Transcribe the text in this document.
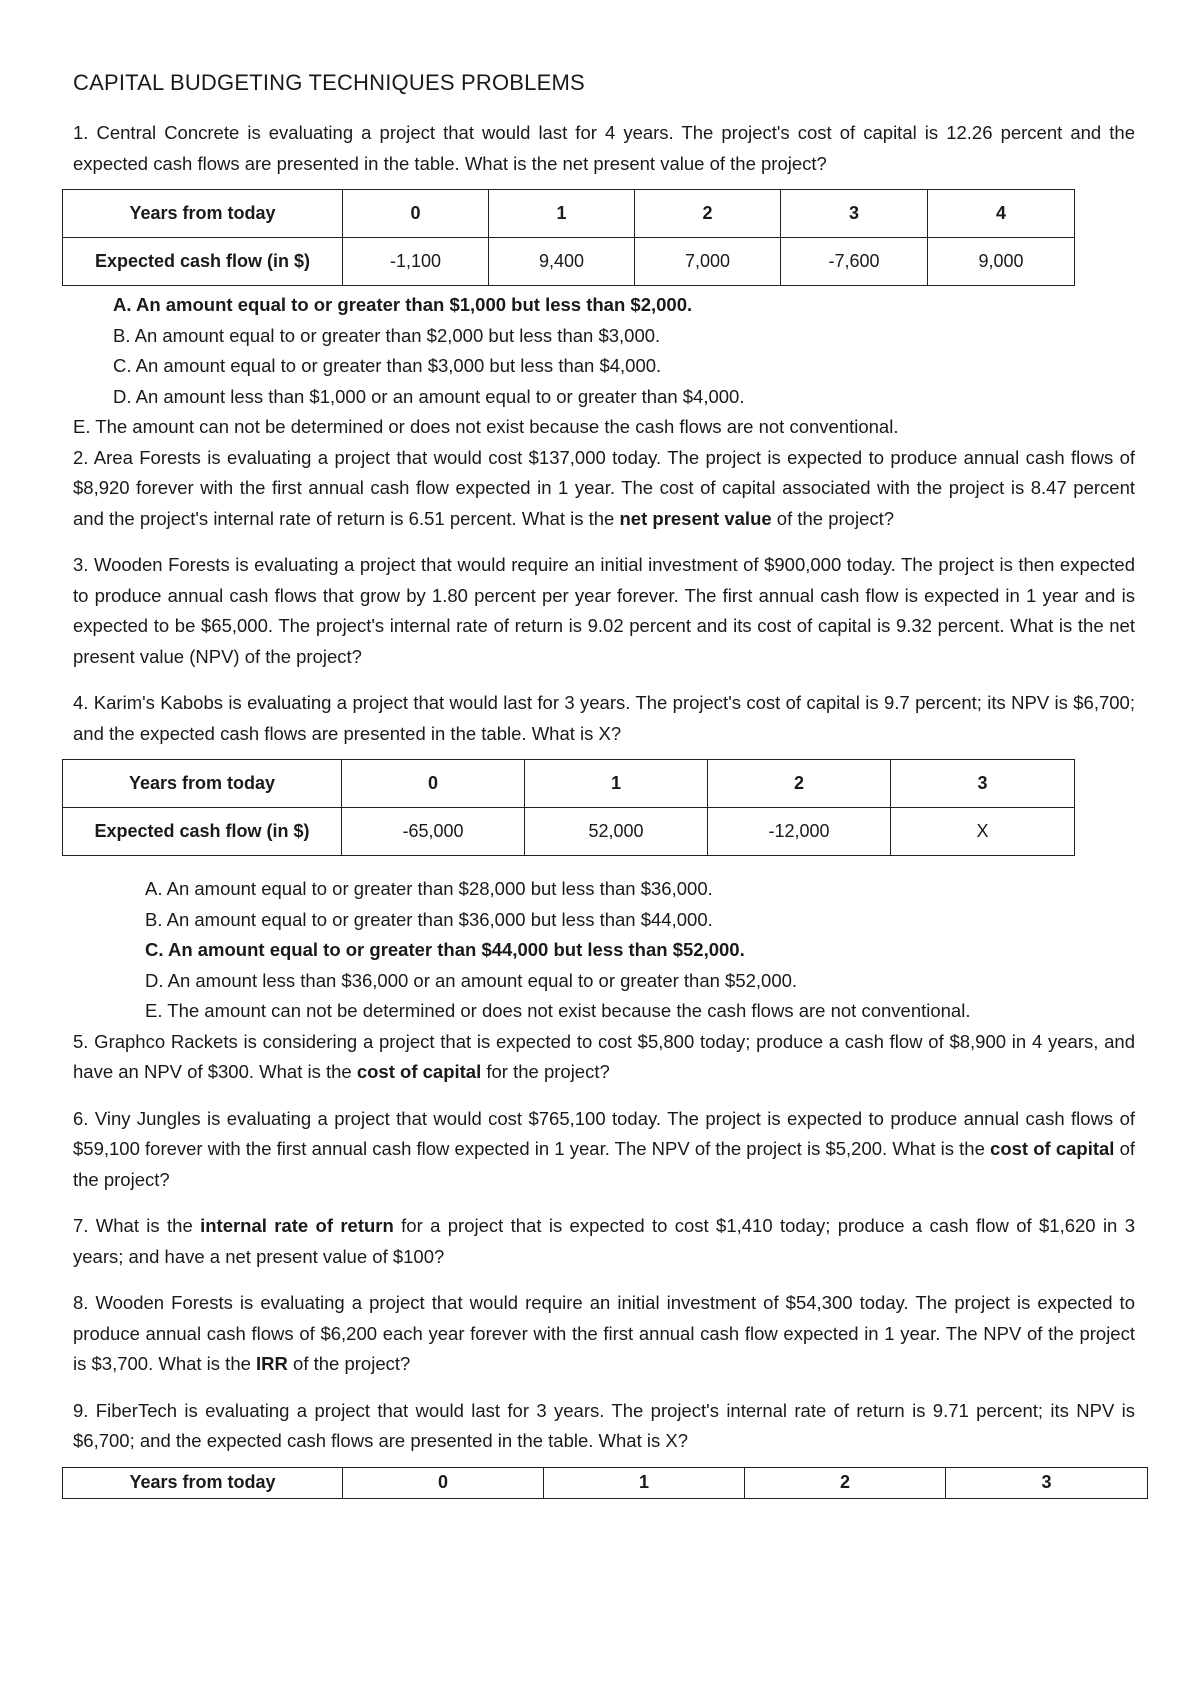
CAPITAL BUDGETING TECHNIQUES PROBLEMS

1. Central Concrete is evaluating a project that would last for 4 years. The project's cost of capital is 12.26 percent and the expected cash flows are presented in the table. What is the net present value of the project?

Years from today	0	1	2	3	4
Expected cash flow (in $)	-1,100	9,400	7,000	-7,600	9,000
A. An amount equal to or greater than $1,000 but less than $2,000.
B. An amount equal to or greater than $2,000 but less than $3,000.
C. An amount equal to or greater than $3,000 but less than $4,000.
D. An amount less than $1,000 or an amount equal to or greater than $4,000.
E. The amount can not be determined or does not exist because the cash flows are not conventional.

2. Area Forests is evaluating a project that would cost $137,000 today. The project is expected to produce annual cash flows of $8,920 forever with the first annual cash flow expected in 1 year. The cost of capital associated with the project is 8.47 percent and the project's internal rate of return is 6.51 percent. What is the net present value of the project?

3. Wooden Forests is evaluating a project that would require an initial investment of $900,000 today. The project is then expected to produce annual cash flows that grow by 1.80 percent per year forever. The first annual cash flow is expected in 1 year and is expected to be $65,000. The project's internal rate of return is 9.02 percent and its cost of capital is 9.32 percent. What is the net present value (NPV) of the project?

4. Karim's Kabobs is evaluating a project that would last for 3 years. The project's cost of capital is 9.7 percent; its NPV is $6,700; and the expected cash flows are presented in the table. What is X?

Years from today	0	1	2	3
Expected cash flow (in $)	-65,000	52,000	-12,000	X
A. An amount equal to or greater than $28,000 but less than $36,000.
B. An amount equal to or greater than $36,000 but less than $44,000.
C. An amount equal to or greater than $44,000 but less than $52,000.
D. An amount less than $36,000 or an amount equal to or greater than $52,000.
E. The amount can not be determined or does not exist because the cash flows are not conventional.

5. Graphco Rackets is considering a project that is expected to cost $5,800 today; produce a cash flow of $8,900 in 4 years, and have an NPV of $300. What is the cost of capital for the project?

6. Viny Jungles is evaluating a project that would cost $765,100 today. The project is expected to produce annual cash flows of $59,100 forever with the first annual cash flow expected in 1 year. The NPV of the project is $5,200. What is the cost of capital of the project?

7. What is the internal rate of return for a project that is expected to cost $1,410 today; produce a cash flow of $1,620 in 3 years; and have a net present value of $100?

8. Wooden Forests is evaluating a project that would require an initial investment of $54,300 today. The project is expected to produce annual cash flows of $6,200 each year forever with the first annual cash flow expected in 1 year. The NPV of the project is $3,700. What is the IRR of the project?

9. FiberTech is evaluating a project that would last for 3 years. The project's internal rate of return is 9.71 percent; its NPV is $6,700; and the expected cash flows are presented in the table. What is X?

Years from today	0	1	2	3
